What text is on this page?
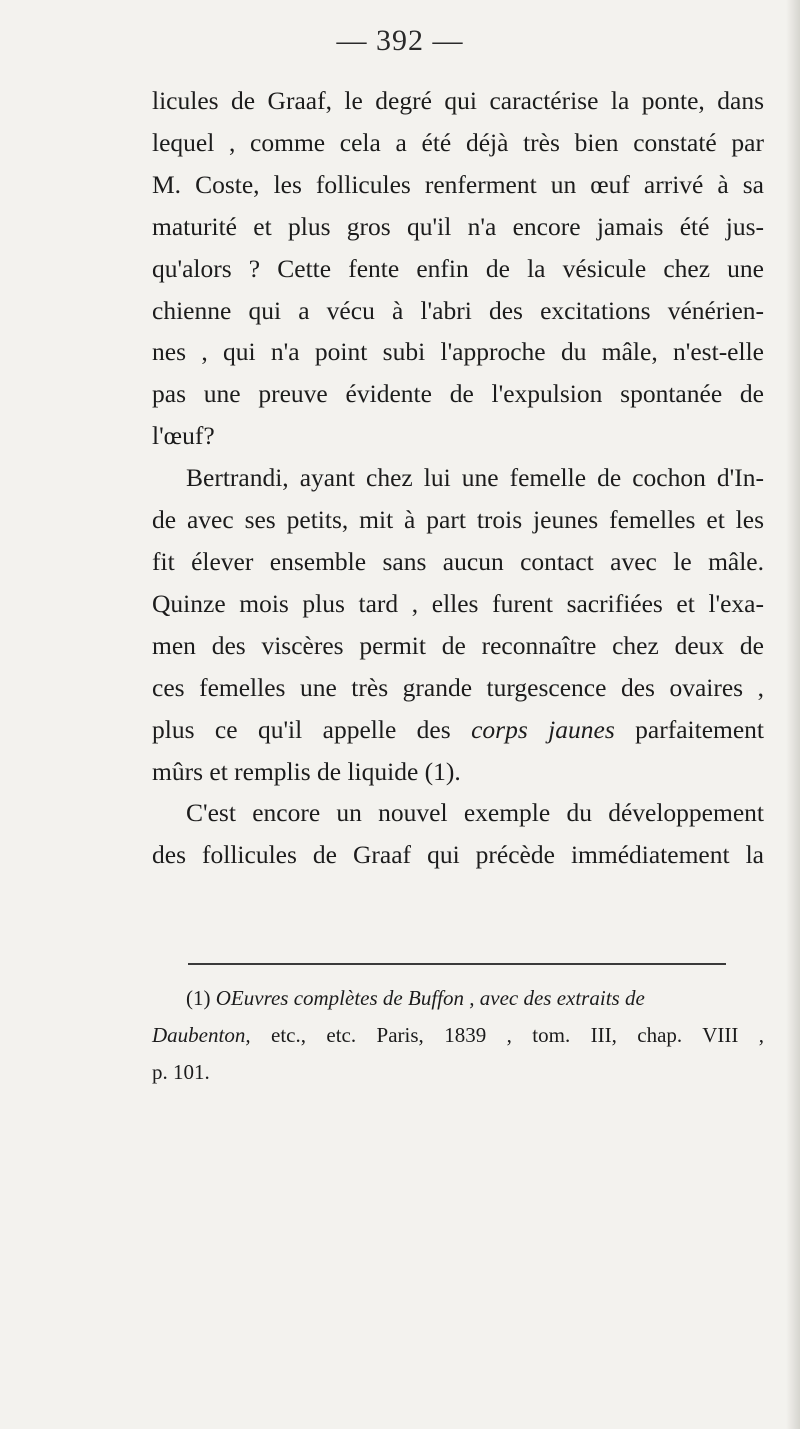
— 392 —
licules de Graaf, le degré qui caractérise la ponte, dans
lequel , comme cela a été déjà très bien constaté par
M. Coste, les follicules renferment un œuf arrivé à sa
maturité et plus gros qu'il n'a encore jamais été jus-
qu'alors ? Cette fente enfin de la vésicule chez une
chienne qui a vécu à l'abri des excitations vénérien-
nes , qui n'a point subi l'approche du mâle, n'est-elle
pas une preuve évidente de l'expulsion spontanée de
l'œuf?
Bertrandi, ayant chez lui une femelle de cochon d'In-
de avec ses petits, mit à part trois jeunes femelles et les
fit élever ensemble sans aucun contact avec le mâle.
Quinze mois plus tard , elles furent sacrifiées et l'exa-
men des viscères permit de reconnaître chez deux de
ces femelles une très grande turgescence des ovaires ,
plus ce qu'il appelle des corps jaunes parfaitement
mûrs et remplis de liquide (1).
C'est encore un nouvel exemple du développement
des follicules de Graaf qui précède immédiatement la
(1) OEuvres complètes de Buffon , avec des extraits de
Daubenton, etc., etc. Paris, 1839 , tom. III, chap. VIII ,
p. 101.
